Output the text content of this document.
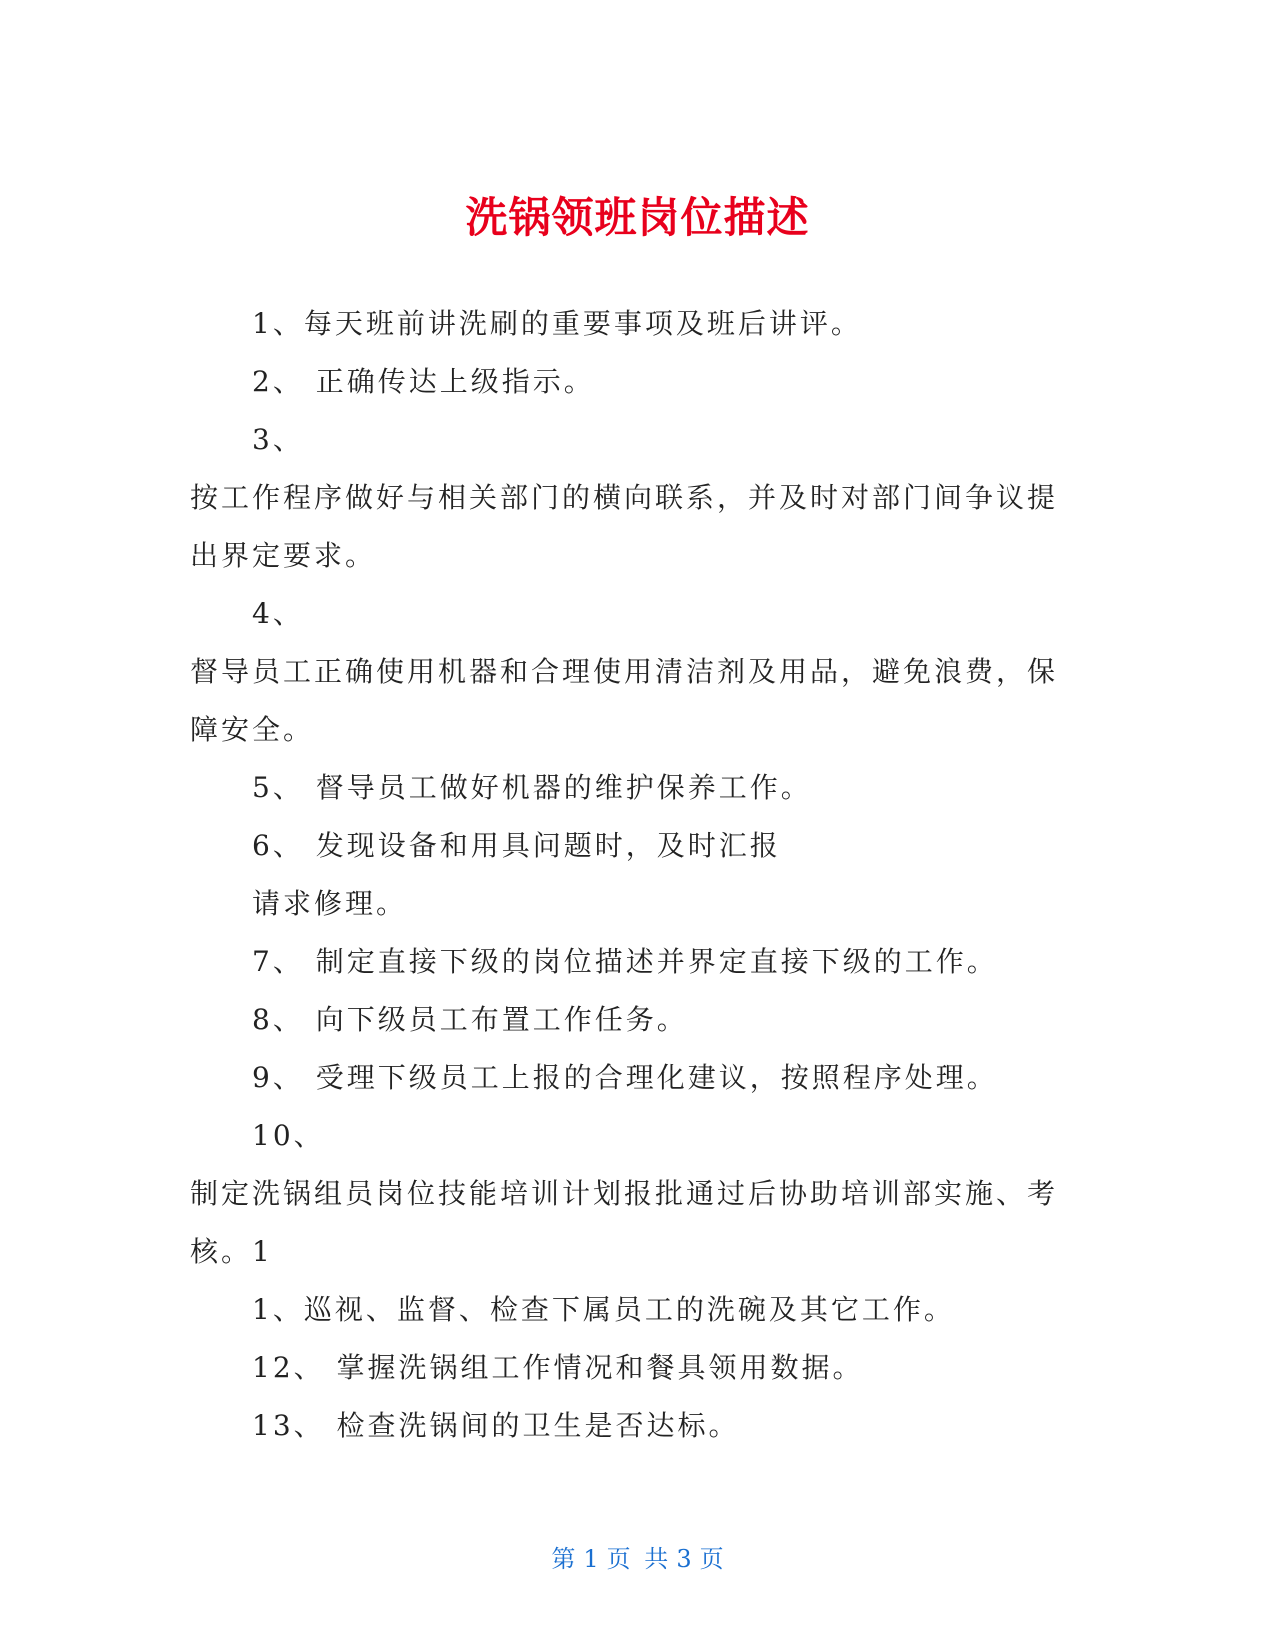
洗锅领班岗位描述
1、每天班前讲洗刷的重要事项及班后讲评。
2、 正确传达上级指示。
3、
按工作程序做好与相关部门的横向联系，并及时对部门间争议提
出界定要求。
4、
督导员工正确使用机器和合理使用清洁剂及用品，避免浪费，保
障安全。
5、 督导员工做好机器的维护保养工作。
6、 发现设备和用具问题时，及时汇报
请求修理。
7、 制定直接下级的岗位描述并界定直接下级的工作。
8、 向下级员工布置工作任务。
9、 受理下级员工上报的合理化建议，按照程序处理。
10、
制定洗锅组员岗位技能培训计划报批通过后协助培训部实施、考
核。1
1、巡视、监督、检查下属员工的洗碗及其它工作。
12、 掌握洗锅组工作情况和餐具领用数据。
13、 检查洗锅间的卫生是否达标。
第 1 页 共 3 页
